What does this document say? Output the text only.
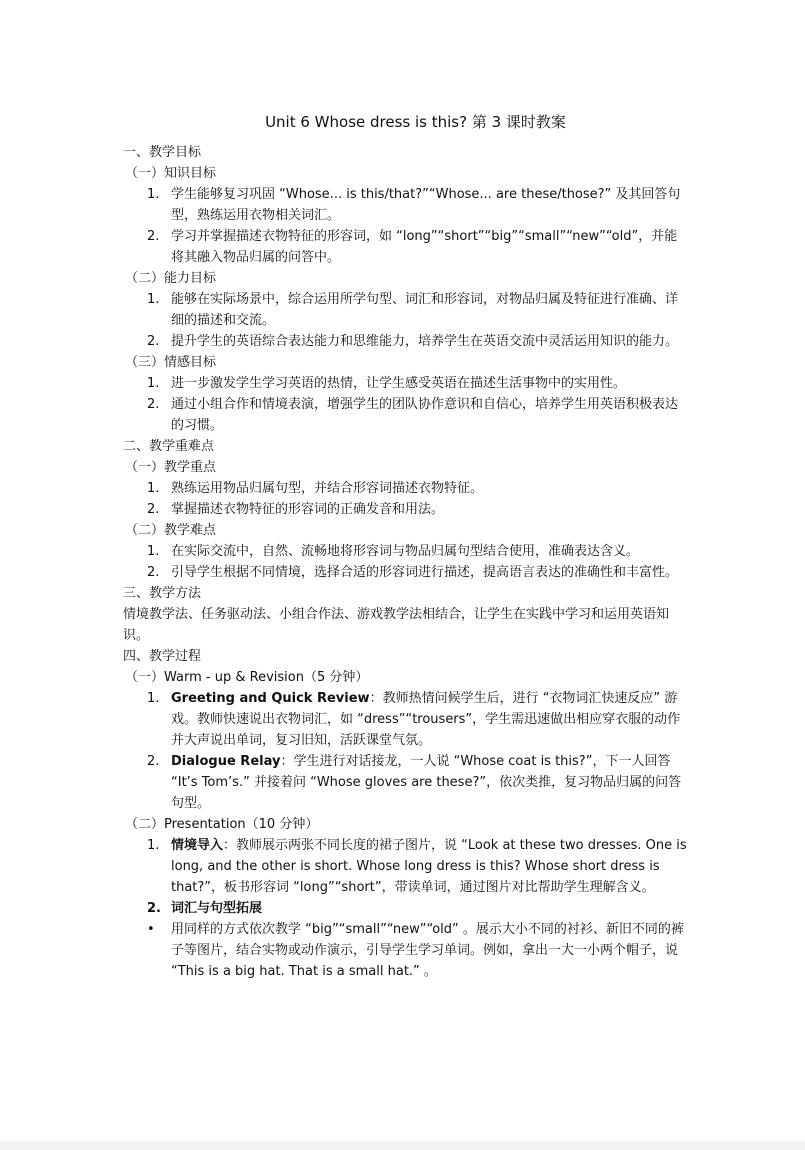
Unit 6 Whose dress is this? 第 3 课时教案
一、教学目标
（一）知识目标
1. 学生能够复习巩固 “Whose... is this/that?”“Whose... are these/those?” 及其回答句型，熟练运用衣物相关词汇。
2. 学习并掌握描述衣物特征的形容词，如 “long”“short”“big”“small”“new”“old”，并能将其融入物品归属的问答中。
（二）能力目标
1. 能够在实际场景中，综合运用所学句型、词汇和形容词，对物品归属及特征进行准确、详细的描述和交流。
2. 提升学生的英语综合表达能力和思维能力，培养学生在英语交流中灵活运用知识的能力。
（三）情感目标
1. 进一步激发学生学习英语的热情，让学生感受英语在描述生活事物中的实用性。
2. 通过小组合作和情境表演，增强学生的团队协作意识和自信心，培养学生用英语积极表达的习惯。
二、教学重难点
（一）教学重点
1. 熟练运用物品归属句型，并结合形容词描述衣物特征。
2. 掌握描述衣物特征的形容词的正确发音和用法。
（二）教学难点
1. 在实际交流中，自然、流畅地将形容词与物品归属句型结合使用，准确表达含义。
2. 引导学生根据不同情境，选择合适的形容词进行描述，提高语言表达的准确性和丰富性。
三、教学方法
情境教学法、任务驱动法、小组合作法、游戏教学法相结合，让学生在实践中学习和运用英语知识。
四、教学过程
（一）Warm - up & Revision（5 分钟）
1. Greeting and Quick Review：教师热情问候学生后，进行 “衣物词汇快速反应” 游戏。教师快速说出衣物词汇，如 “dress”“trousers”，学生需迅速做出相应穿衣服的动作并大声说出单词，复习旧知，活跃课堂气氛。
2. Dialogue Relay：学生进行对话接龙，一人说 “Whose coat is this?”，下一人回答 “It’s Tom’s.” 并接着问 “Whose gloves are these?”，依次类推，复习物品归属的问答句型。
（二）Presentation（10 分钟）
1. 情境导入：教师展示两张不同长度的裙子图片，说 “Look at these two dresses. One is long, and the other is short. Whose long dress is this? Whose short dress is that?”，板书形容词 “long”“short”，带读单词，通过图片对比帮助学生理解含义。
2. 词汇与句型拓展
• 用同样的方式依次教学 “big”“small”“new”“old” 。展示大小不同的衬衫、新旧不同的裤子等图片，结合实物或动作演示，引导学生学习单词。例如，拿出一大一小两个帽子，说 “This is a big hat. That is a small hat.” 。
